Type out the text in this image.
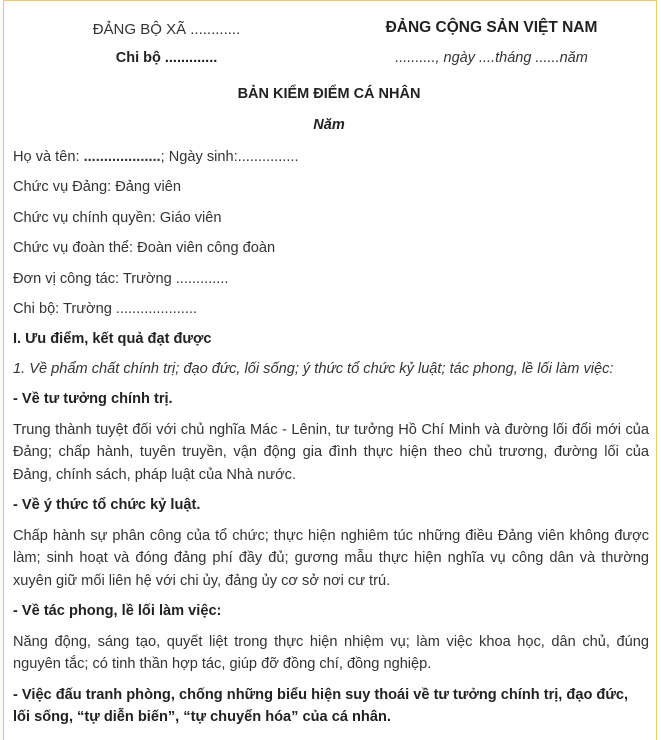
ĐẢNG BỘ XÃ ............	ĐẢNG CỘNG SẢN VIỆT NAM
Chi bộ .............	.........., ngày ....tháng ......năm
BẢN KIỂM ĐIỂM CÁ NHÂN
Năm

Họ và tên: ...................; Ngày sinh:...............

Chức vụ Đảng: Đảng viên

Chức vụ chính quyền: Giáo viên

Chức vụ đoàn thể: Đoàn viên công đoàn

Đơn vị công tác: Trường .............

Chi bộ: Trường ....................

I. Ưu điểm, kết quả đạt được

1. Về phẩm chất chính trị; đạo đức, lối sống; ý thức tổ chức kỷ luật; tác phong, lề lối làm việc:

- Về tư tưởng chính trị.

Trung thành tuyệt đối với chủ nghĩa Mác - Lênin, tư tưởng Hồ Chí Minh và đường lối đổi mới của Đảng; chấp hành, tuyên truyền, vận động gia đình thực hiện theo chủ trương, đường lối của Đảng, chính sách, pháp luật của Nhà nước.

- Về ý thức tổ chức kỷ luật.

Chấp hành sự phân công của tổ chức; thực hiện nghiêm túc những điều Đảng viên không được làm; sinh hoạt và đóng đảng phí đầy đủ; gương mẫu thực hiện nghĩa vụ công dân và thường xuyên giữ mối liên hệ với chi ủy, đảng ủy cơ sở nơi cư trú.

- Về tác phong, lề lối làm việc:

Năng động, sáng tạo, quyết liệt trong thực hiện nhiệm vụ; làm việc khoa học, dân chủ, đúng nguyên tắc; có tinh thần hợp tác, giúp đỡ đồng chí, đồng nghiệp.

- Việc đấu tranh phòng, chống những biểu hiện suy thoái về tư tưởng chính trị, đạo đức, lối sống, “tự diễn biến”, “tự chuyển hóa” của cá nhân.
